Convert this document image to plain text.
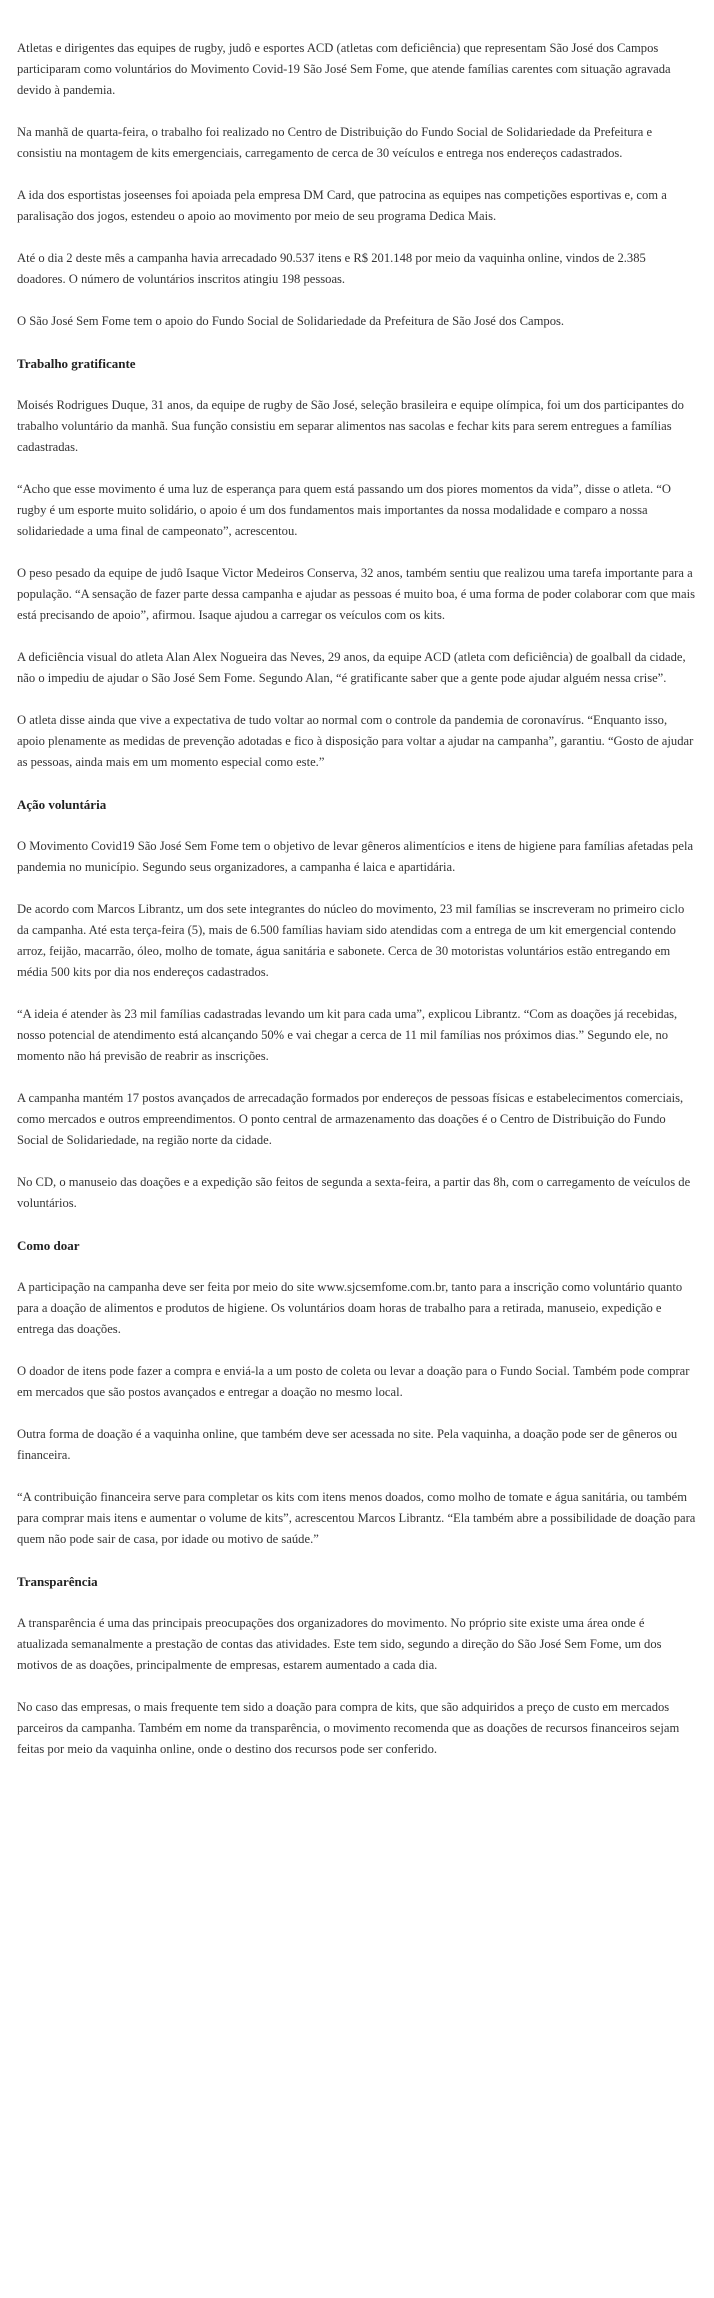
Atletas e dirigentes das equipes de rugby, judô e esportes ACD (atletas com deficiência) que representam São José dos Campos participaram como voluntários do Movimento Covid-19 São José Sem Fome, que atende famílias carentes com situação agravada devido à pandemia.

Na manhã de quarta-feira, o trabalho foi realizado no Centro de Distribuição do Fundo Social de Solidariedade da Prefeitura e consistiu na montagem de kits emergenciais, carregamento de cerca de 30 veículos e entrega nos endereços cadastrados.

A ida dos esportistas joseenses foi apoiada pela empresa DM Card, que patrocina as equipes nas competições esportivas e, com a paralisação dos jogos, estendeu o apoio ao movimento por meio de seu programa Dedica Mais.

Até o dia 2 deste mês a campanha havia arrecadado 90.537 itens e R$ 201.148 por meio da vaquinha online, vindos de 2.385 doadores. O número de voluntários inscritos atingiu 198 pessoas.

O São José Sem Fome tem o apoio do Fundo Social de Solidariedade da Prefeitura de São José dos Campos.

Trabalho gratificante

Moisés Rodrigues Duque, 31 anos, da equipe de rugby de São José, seleção brasileira e equipe olímpica, foi um dos participantes do trabalho voluntário da manhã. Sua função consistiu em separar alimentos nas sacolas e fechar kits para serem entregues a famílias cadastradas.

“Acho que esse movimento é uma luz de esperança para quem está passando um dos piores momentos da vida”, disse o atleta. “O rugby é um esporte muito solidário, o apoio é um dos fundamentos mais importantes da nossa modalidade e comparo a nossa solidariedade a uma final de campeonato”, acrescentou.

O peso pesado da equipe de judô Isaque Victor Medeiros Conserva, 32 anos, também sentiu que realizou uma tarefa importante para a população. “A sensação de fazer parte dessa campanha e ajudar as pessoas é muito boa, é uma forma de poder colaborar com que mais está precisando de apoio”, afirmou. Isaque ajudou a carregar os veículos com os kits.

A deficiência visual do atleta Alan Alex Nogueira das Neves, 29 anos, da equipe ACD (atleta com deficiência) de goalball da cidade, não o impediu de ajudar o São José Sem Fome. Segundo Alan, “é gratificante saber que a gente pode ajudar alguém nessa crise”.

O atleta disse ainda que vive a expectativa de tudo voltar ao normal com o controle da pandemia de coronavírus. “Enquanto isso, apoio plenamente as medidas de prevenção adotadas e fico à disposição para voltar a ajudar na campanha”, garantiu. “Gosto de ajudar as pessoas, ainda mais em um momento especial como este.”

Ação voluntária

O Movimento Covid19 São José Sem Fome tem o objetivo de levar gêneros alimentícios e itens de higiene para famílias afetadas pela pandemia no município. Segundo seus organizadores, a campanha é laica e apartidária.

De acordo com Marcos Librantz, um dos sete integrantes do núcleo do movimento, 23 mil famílias se inscreveram no primeiro ciclo da campanha. Até esta terça-feira (5), mais de 6.500 famílias haviam sido atendidas com a entrega de um kit emergencial contendo arroz, feijão, macarrão, óleo, molho de tomate, água sanitária e sabonete. Cerca de 30 motoristas voluntários estão entregando em média 500 kits por dia nos endereços cadastrados.

“A ideia é atender às 23 mil famílias cadastradas levando um kit para cada uma”, explicou Librantz. “Com as doações já recebidas, nosso potencial de atendimento está alcançando 50% e vai chegar a cerca de 11 mil famílias nos próximos dias.” Segundo ele, no momento não há previsão de reabrir as inscrições.

A campanha mantém 17 postos avançados de arrecadação formados por endereços de pessoas físicas e estabelecimentos comerciais, como mercados e outros empreendimentos. O ponto central de armazenamento das doações é o Centro de Distribuição do Fundo Social de Solidariedade, na região norte da cidade.

No CD, o manuseio das doações e a expedição são feitos de segunda a sexta-feira, a partir das 8h, com o carregamento de veículos de voluntários.

Como doar

A participação na campanha deve ser feita por meio do site www.sjcsemfome.com.br, tanto para a inscrição como voluntário quanto para a doação de alimentos e produtos de higiene. Os voluntários doam horas de trabalho para a retirada, manuseio, expedição e entrega das doações.

O doador de itens pode fazer a compra e enviá-la a um posto de coleta ou levar a doação para o Fundo Social. Também pode comprar em mercados que são postos avançados e entregar a doação no mesmo local.

Outra forma de doação é a vaquinha online, que também deve ser acessada no site. Pela vaquinha, a doação pode ser de gêneros ou financeira.

“A contribuição financeira serve para completar os kits com itens menos doados, como molho de tomate e água sanitária, ou também para comprar mais itens e aumentar o volume de kits”, acrescentou Marcos Librantz. “Ela também abre a possibilidade de doação para quem não pode sair de casa, por idade ou motivo de saúde.”

Transparência

A transparência é uma das principais preocupações dos organizadores do movimento. No próprio site existe uma área onde é atualizada semanalmente a prestação de contas das atividades. Este tem sido, segundo a direção do São José Sem Fome, um dos motivos de as doações, principalmente de empresas, estarem aumentado a cada dia.

No caso das empresas, o mais frequente tem sido a doação para compra de kits, que são adquiridos a preço de custo em mercados parceiros da campanha. Também em nome da transparência, o movimento recomenda que as doações de recursos financeiros sejam feitas por meio da vaquinha online, onde o destino dos recursos pode ser conferido.
